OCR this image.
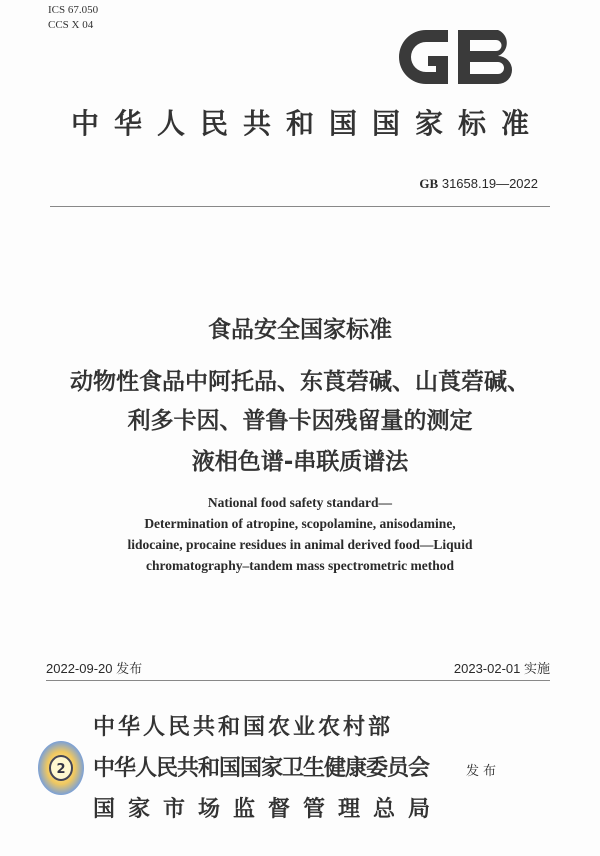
ICS 67.050
CCS X 04
中华人民共和国国家标准
GB 31658.19—2022
食品安全国家标准
动物性食品中阿托品、东莨菪碱、山莨菪碱、
利多卡因、普鲁卡因残留量的测定
液相色谱-串联质谱法
National food safety standard—
Determination of atropine, scopolamine, anisodamine,
lidocaine, procaine residues in animal derived food—Liquid
chromatography–tandem mass spectrometric method
2022-09-20 发布	2023-02-01 实施
2
中华人民共和国农业农村部
中华人民共和国国家卫生健康委员会
国家市场监督管理总局
发布
